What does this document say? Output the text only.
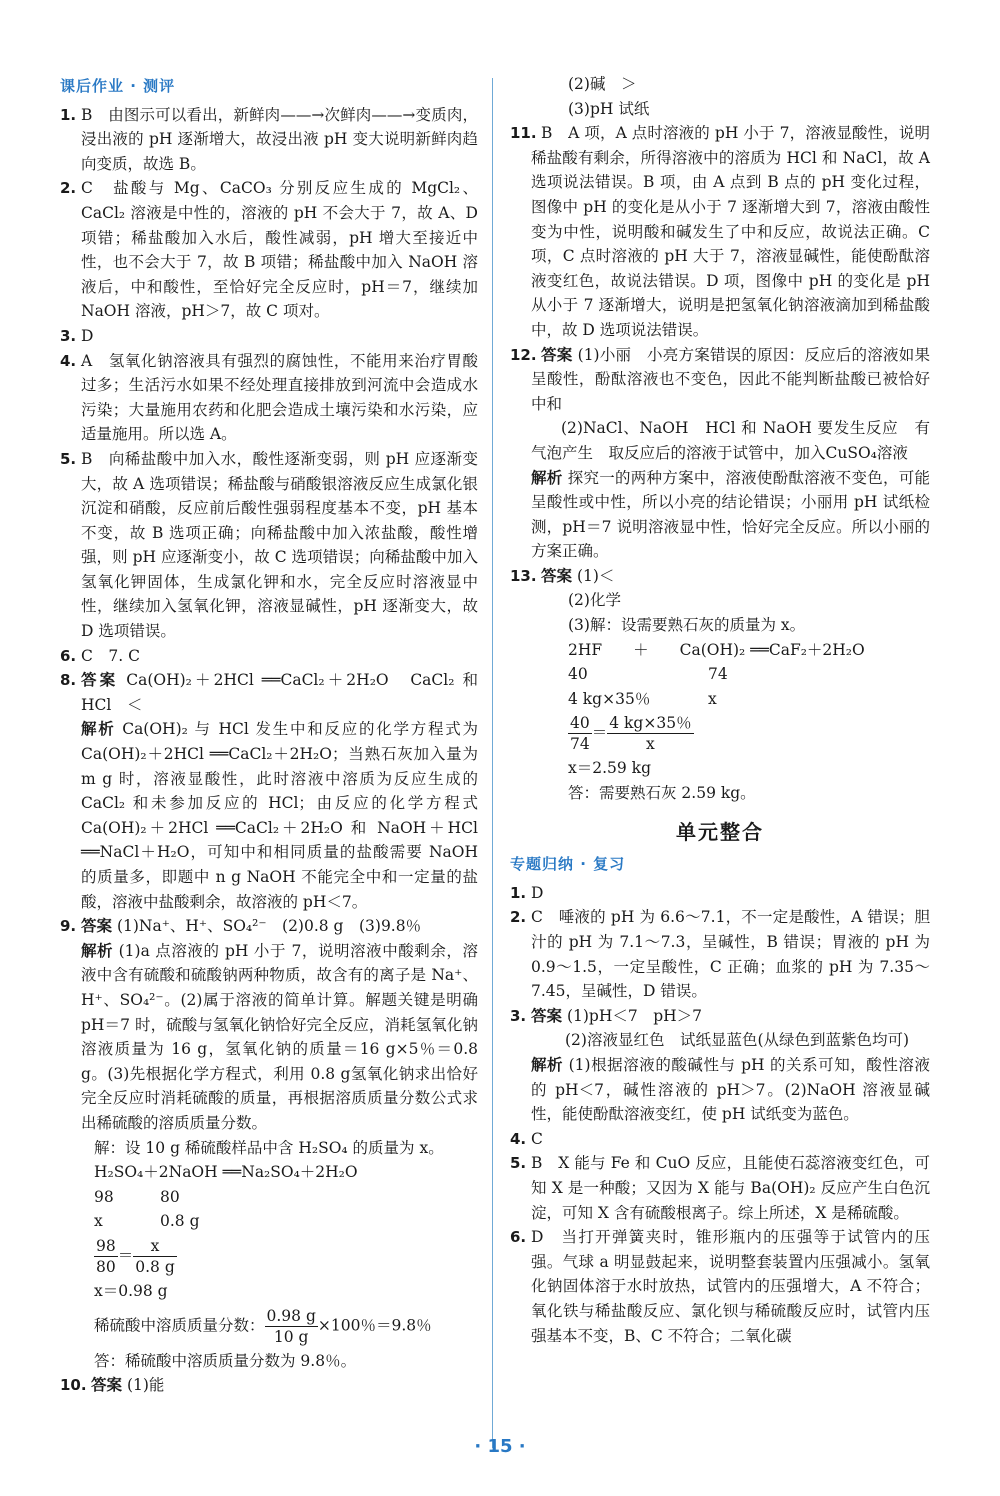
课后作业 · 测评

1. B　由图示可以看出，新鲜肉——→次鲜肉——→变质肉，浸出液的 pH 逐渐增大，故浸出液 pH 变大说明新鲜肉趋向变质，故选 B。

2. C　盐酸与 Mg、CaCO₃ 分别反应生成的 MgCl₂、CaCl₂ 溶液是中性的，溶液的 pH 不会大于 7，故 A、D 项错；稀盐酸加入水后，酸性减弱，pH 增大至接近中性，也不会大于 7，故 B 项错；稀盐酸中加入 NaOH 溶液后，中和酸性，至恰好完全反应时，pH＝7，继续加 NaOH 溶液，pH＞7，故 C 项对。

3. D

4. A　氢氧化钠溶液具有强烈的腐蚀性，不能用来治疗胃酸过多；生活污水如果不经处理直接排放到河流中会造成水污染；大量施用农药和化肥会造成土壤污染和水污染，应适量施用。所以选 A。

5. B　向稀盐酸中加入水，酸性逐渐变弱，则 pH 应逐渐变大，故 A 选项错误；稀盐酸与硝酸银溶液反应生成氯化银沉淀和硝酸，反应前后酸性强弱程度基本不变，pH 基本不变，故 B 选项正确；向稀盐酸中加入浓盐酸，酸性增强，则 pH 应逐渐变小，故 C 选项错误；向稀盐酸中加入氢氧化钾固体，生成氯化钾和水，完全反应时溶液显中性，继续加入氢氧化钾，溶液显碱性，pH 逐渐变大，故 D 选项错误。

6. C　7. C

8. 答案 Ca(OH)₂＋2HCl ══CaCl₂＋2H₂O　CaCl₂ 和 HCl　＜

解析 Ca(OH)₂ 与 HCl 发生中和反应的化学方程式为 Ca(OH)₂＋2HCl ══CaCl₂＋2H₂O；当熟石灰加入量为 m g 时，溶液显酸性，此时溶液中溶质为反应生成的 CaCl₂ 和未参加反应的 HCl；由反应的化学方程式 Ca(OH)₂＋2HCl ══CaCl₂＋2H₂O 和 NaOH＋HCl ══NaCl＋H₂O，可知中和相同质量的盐酸需要 NaOH 的质量多，即题中 n g NaOH 不能完全中和一定量的盐酸，溶液中盐酸剩余，故溶液的 pH＜7。

9. 答案 (1)Na⁺、H⁺、SO₄²⁻　(2)0.8 g　(3)9.8％

解析 (1)a 点溶液的 pH 小于 7，说明溶液中酸剩余，溶液中含有硫酸和硫酸钠两种物质，故含有的离子是 Na⁺、H⁺、SO₄²⁻。(2)属于溶液的简单计算。解题关键是明确 pH＝7 时，硫酸与氢氧化钠恰好完全反应，消耗氢氧化钠溶液质量为 16 g，氢氧化钠的质量＝16 g×5％＝0.8 g。(3)先根据化学方程式，利用 0.8 g氢氧化钠求出恰好完全反应时消耗硫酸的质量，再根据溶质质量分数公式求出稀硫酸的溶质质量分数。

解：设 10 g 稀硫酸样品中含 H₂SO₄ 的质量为 x。

H₂SO₄＋2NaOH ══Na₂SO₄＋2H₂O

98	80

x	0.8 g

$\frac{98}{80} = \frac{x}{0.8 g}$

x＝0.98 g

稀硫酸中溶质质量分数： $\frac{0.98 g}{10 g} \times 100$％＝9.8％

答：稀硫酸中溶质质量分数为 9.8％。

10. 答案 (1)能

(2)碱　＞

(3)pH 试纸

11. B　A 项，A 点时溶液的 pH 小于 7，溶液显酸性，说明稀盐酸有剩余，所得溶液中的溶质为 HCl 和 NaCl，故 A 选项说法错误。B 项，由 A 点到 B 点的 pH 变化过程，图像中 pH 的变化是从小于 7 逐渐增大到 7，溶液由酸性变为中性，说明酸和碱发生了中和反应，故说法正确。C 项，C 点时溶液的 pH 大于 7，溶液显碱性，能使酚酞溶液变红色，故说法错误。D 项，图像中 pH 的变化是 pH 从小于 7 逐渐增大，说明是把氢氧化钠溶液滴加到稀盐酸中，故 D 选项说法错误。

12. 答案 (1)小丽　小亮方案错误的原因：反应后的溶液如果呈酸性，酚酞溶液也不变色，因此不能判断盐酸已被恰好中和

(2)NaCl、NaOH　HCl 和 NaOH 要发生反应　有气泡产生　取反应后的溶液于试管中，加入CuSO₄溶液

解析 探究一的两种方案中，溶液使酚酞溶液不变色，可能呈酸性或中性，所以小亮的结论错误；小丽用 pH 试纸检测，pH＝7 说明溶液显中性，恰好完全反应。所以小丽的方案正确。

13. 答案 (1)＜

(2)化学

(3)解：设需要熟石灰的质量为 x。

2HF　　＋　　Ca(OH)₂ ══CaF₂＋2H₂O

40	74

4 kg×35％	x

$\frac{40}{74} = \frac{4 kg\times 35\%}{x}$

x＝2.59 kg

答：需要熟石灰 2.59 kg。

单元整合
专题归纳 · 复习

1. D

2. C　唾液的 pH 为 6.6～7.1，不一定是酸性，A 错误；胆汁的 pH 为 7.1～7.3，呈碱性，B 错误；胃液的 pH 为 0.9～1.5，一定呈酸性，C 正确；血浆的 pH 为 7.35～7.45，呈碱性，D 错误。

3. 答案 (1)pH＜7　pH＞7

(2)溶液显红色　试纸显蓝色(从绿色到蓝紫色均可)

解析 (1)根据溶液的酸碱性与 pH 的关系可知，酸性溶液的 pH＜7，碱性溶液的 pH＞7。(2)NaOH 溶液显碱性，能使酚酞溶液变红，使 pH 试纸变为蓝色。

4. C

5. B　X 能与 Fe 和 CuO 反应，且能使石蕊溶液变红色，可知 X 是一种酸；又因为 X 能与 Ba(OH)₂ 反应产生白色沉淀，可知 X 含有硫酸根离子。综上所述，X 是稀硫酸。

6. D　当打开弹簧夹时，锥形瓶内的压强等于试管内的压强。气球 a 明显鼓起来，说明整套装置内压强减小。氢氧化钠固体溶于水时放热，试管内的压强增大，A 不符合；氧化铁与稀盐酸反应、氯化钡与稀硫酸反应时，试管内压强基本不变，B、C 不符合；二氧化碳

· 15 ·
